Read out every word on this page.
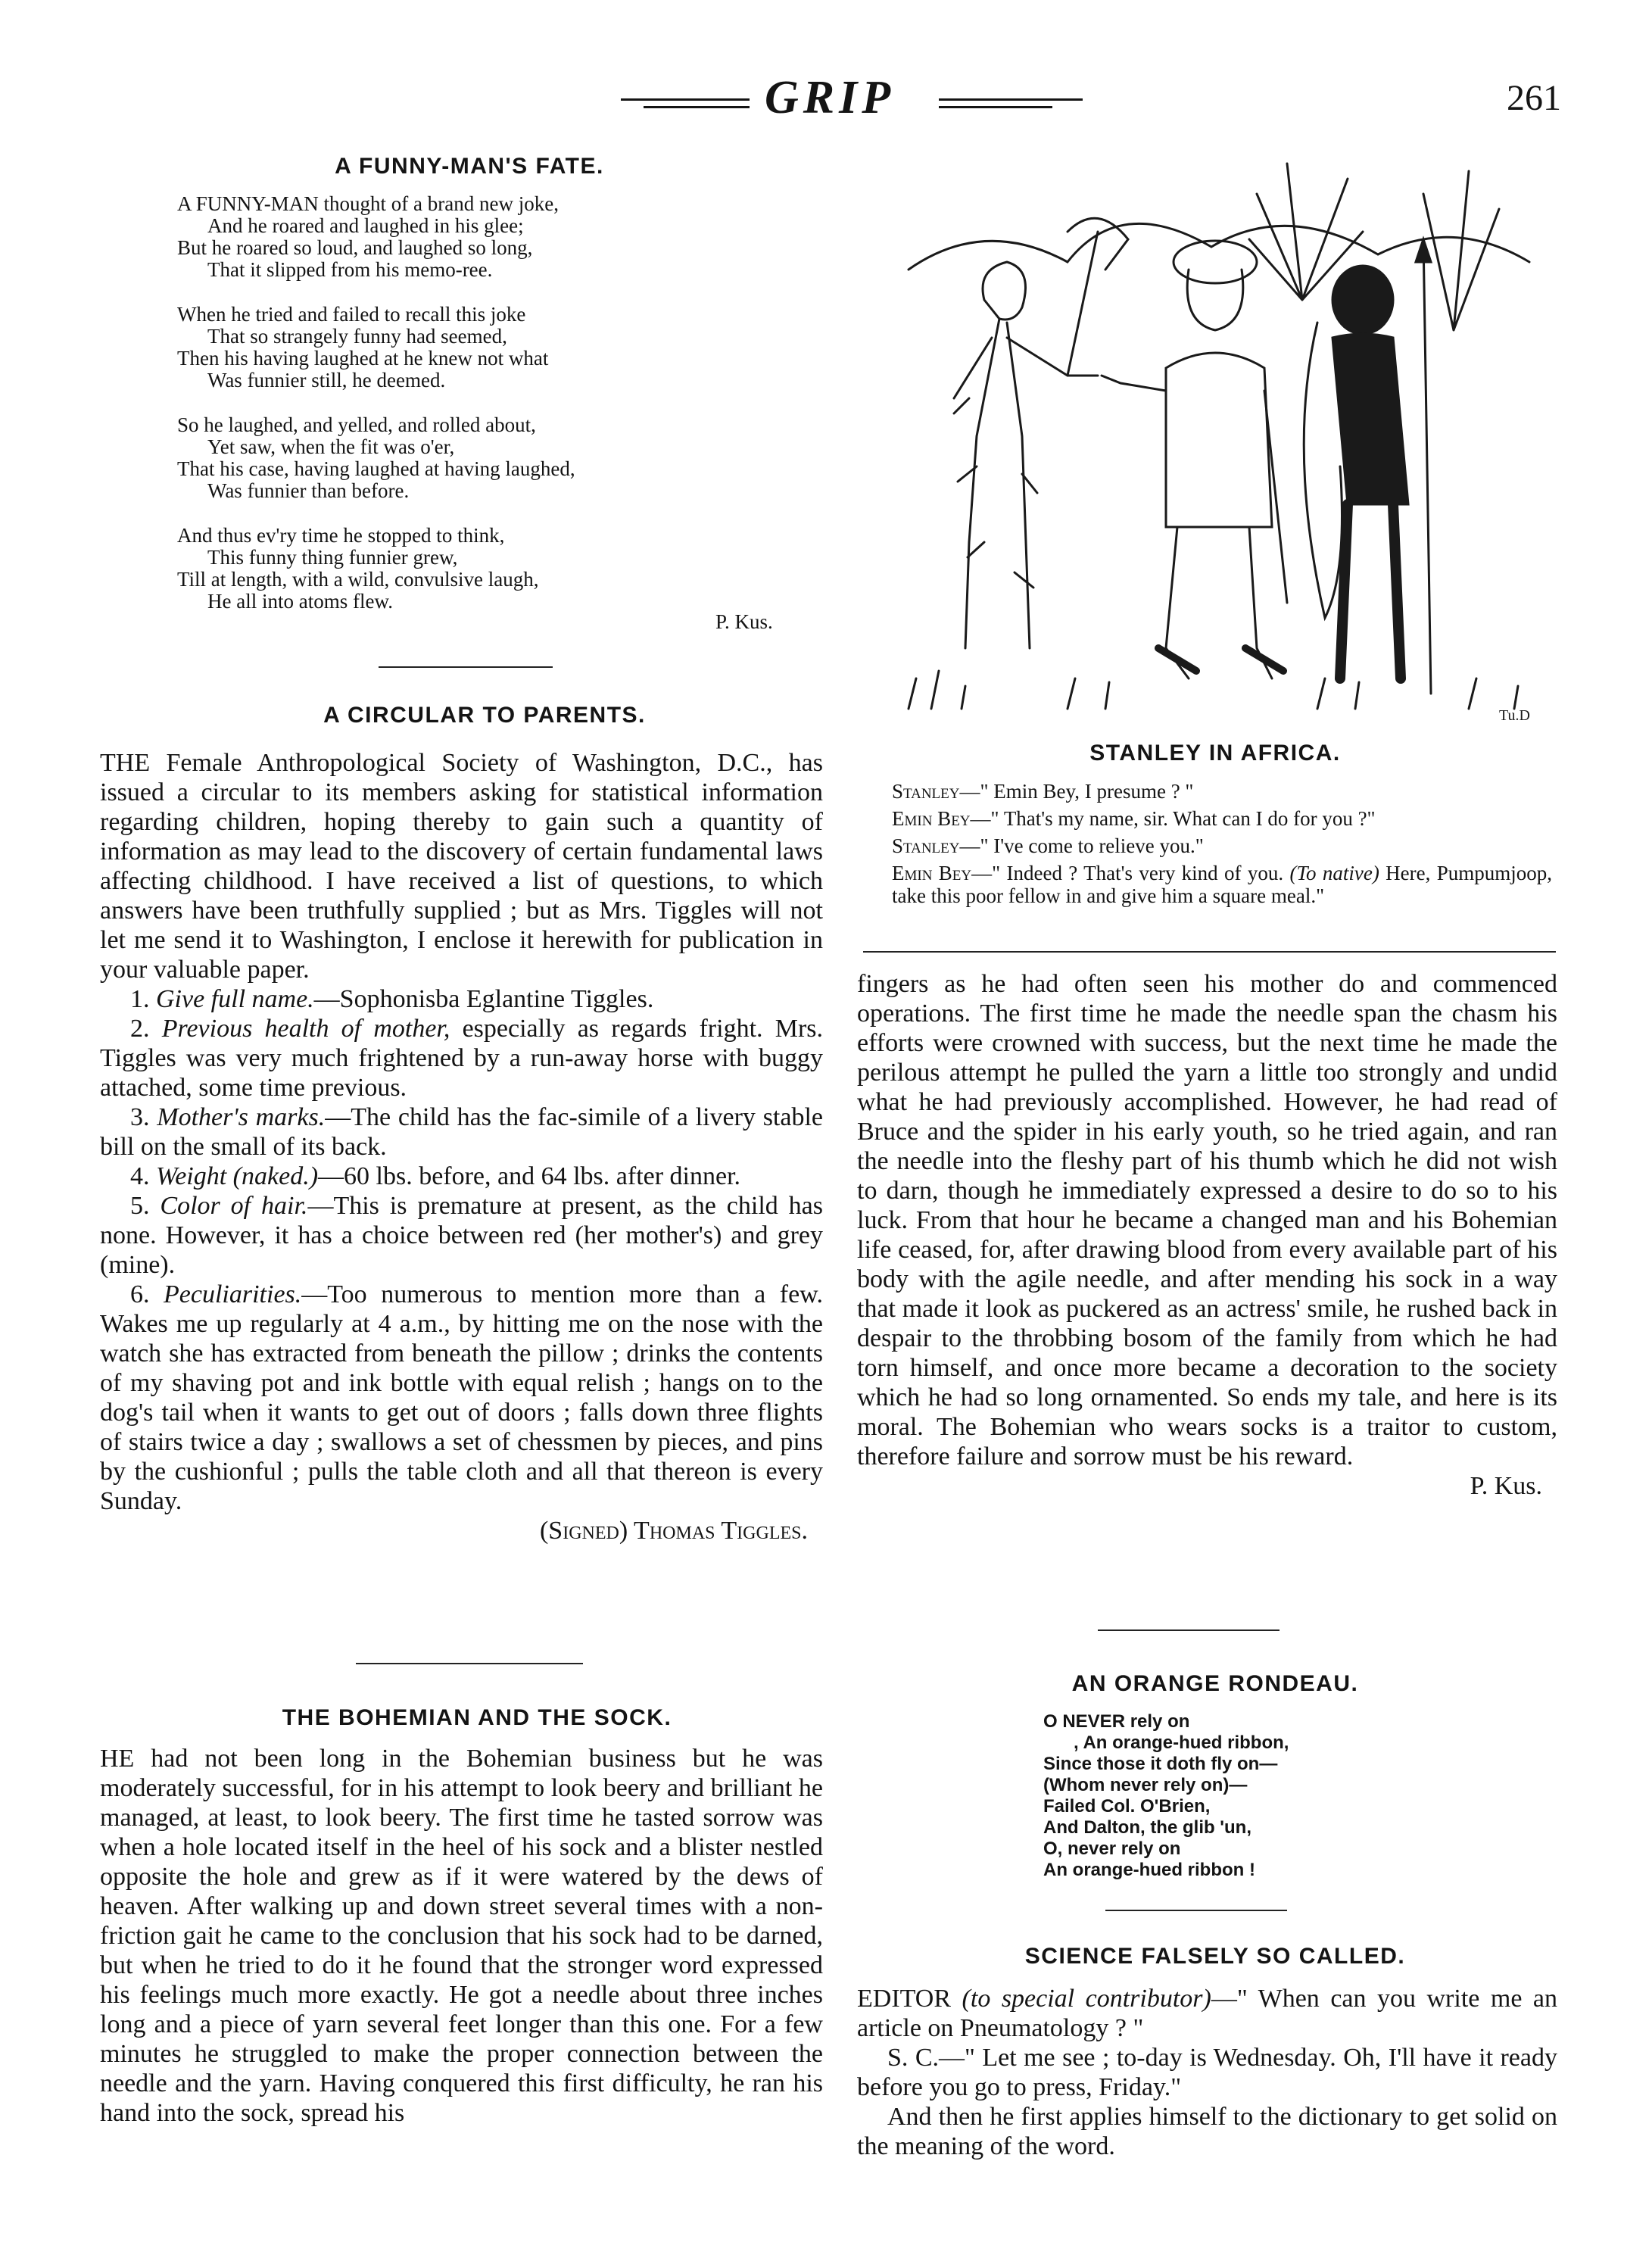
GRIP	261
A FUNNY-MAN'S FATE.
A FUNNY-MAN thought of a brand new joke,
And he roared and laughed in his glee;
But he roared so loud, and laughed so long,
That it slipped from his memo-ree.
When he tried and failed to recall this joke
That so strangely funny had seemed,
Then his having laughed at he knew not what
Was funnier still, he deemed.
So he laughed, and yelled, and rolled about,
Yet saw, when the fit was o'er,
That his case, having laughed at having laughed,
Was funnier than before.
And thus ev'ry time he stopped to think,
This funny thing funnier grew,
Till at length, with a wild, convulsive laugh,
He all into atoms flew.
P. Kus.
A CIRCULAR TO PARENTS.

THE Female Anthropological Society of Washington, D.C., has issued a circular to its members asking for statistical information regarding children, hoping thereby to gain such a quantity of information as may lead to the discovery of certain fundamental laws affecting childhood. I have received a list of questions, to which answers have been truthfully supplied ; but as Mrs. Tiggles will not let me send it to Washington, I enclose it herewith for publication in your valuable paper.

1. Give full name.—Sophonisba Eglantine Tiggles.

2. Previous health of mother, especially as regards fright. Mrs. Tiggles was very much frightened by a run-away horse with buggy attached, some time previous.

3. Mother's marks.—The child has the fac-simile of a livery stable bill on the small of its back.

4. Weight (naked.)—60 lbs. before, and 64 lbs. after dinner.

5. Color of hair.—This is premature at present, as the child has none. However, it has a choice between red (her mother's) and grey (mine).

6. Peculiarities.—Too numerous to mention more than a few. Wakes me up regularly at 4 a.m., by hitting me on the nose with the watch she has extracted from beneath the pillow ; drinks the contents of my shaving pot and ink bottle with equal relish ; hangs on to the dog's tail when it wants to get out of doors ; falls down three flights of stairs twice a day ; swallows a set of chessmen by pieces, and pins by the cushionful ; pulls the table cloth and all that thereon is every Sunday.

(Signed) Thomas Tiggles.

THE BOHEMIAN AND THE SOCK.

HE had not been long in the Bohemian business but he was moderately successful, for in his attempt to look beery and brilliant he managed, at least, to look beery. The first time he tasted sorrow was when a hole located itself in the heel of his sock and a blister nestled opposite the hole and grew as if it were watered by the dews of heaven. After walking up and down street several times with a non-friction gait he came to the conclusion that his sock had to be darned, but when he tried to do it he found that the stronger word expressed his feelings much more exactly. He got a needle about three inches long and a piece of yarn several feet longer than this one. For a few minutes he struggled to make the proper connection between the needle and the yarn. Having conquered this first difficulty, he ran his hand into the sock, spread his

Tu.D
STANLEY IN AFRICA.
Stanley—" Emin Bey, I presume ? "
Emin Bey—" That's my name, sir. What can I do for you ?"
Stanley—" I've come to relieve you."
Emin Bey—" Indeed ? That's very kind of you. (To native) Here, Pumpumjoop, take this poor fellow in and give him a square meal."

fingers as he had often seen his mother do and commenced operations. The first time he made the needle span the chasm his efforts were crowned with success, but the next time he made the perilous attempt he pulled the yarn a little too strongly and undid what he had previously accomplished. However, he had read of Bruce and the spider in his early youth, so he tried again, and ran the needle into the fleshy part of his thumb which he did not wish to darn, though he immediately expressed a desire to do so to his luck. From that hour he became a changed man and his Bohemian life ceased, for, after drawing blood from every available part of his body with the agile needle, and after mending his sock in a way that made it look as puckered as an actress' smile, he rushed back in despair to the throbbing bosom of the family from which he had torn himself, and once more became a decoration to the society which he had so long ornamented. So ends my tale, and here is its moral. The Bohemian who wears socks is a traitor to custom, therefore failure and sorrow must be his reward.

P. Kus.

AN ORANGE RONDEAU.
O NEVER rely on
, An orange-hued ribbon,
Since those it doth fly on—
(Whom never rely on)—
Failed Col. O'Brien,
And Dalton, the glib 'un,
O, never rely on
An orange-hued ribbon !
SCIENCE FALSELY SO CALLED.

EDITOR (to special contributor)—" When can you write me an article on Pneumatology ? "

S. C.—" Let me see ; to-day is Wednesday. Oh, I'll have it ready before you go to press, Friday."

And then he first applies himself to the dictionary to get solid on the meaning of the word.
